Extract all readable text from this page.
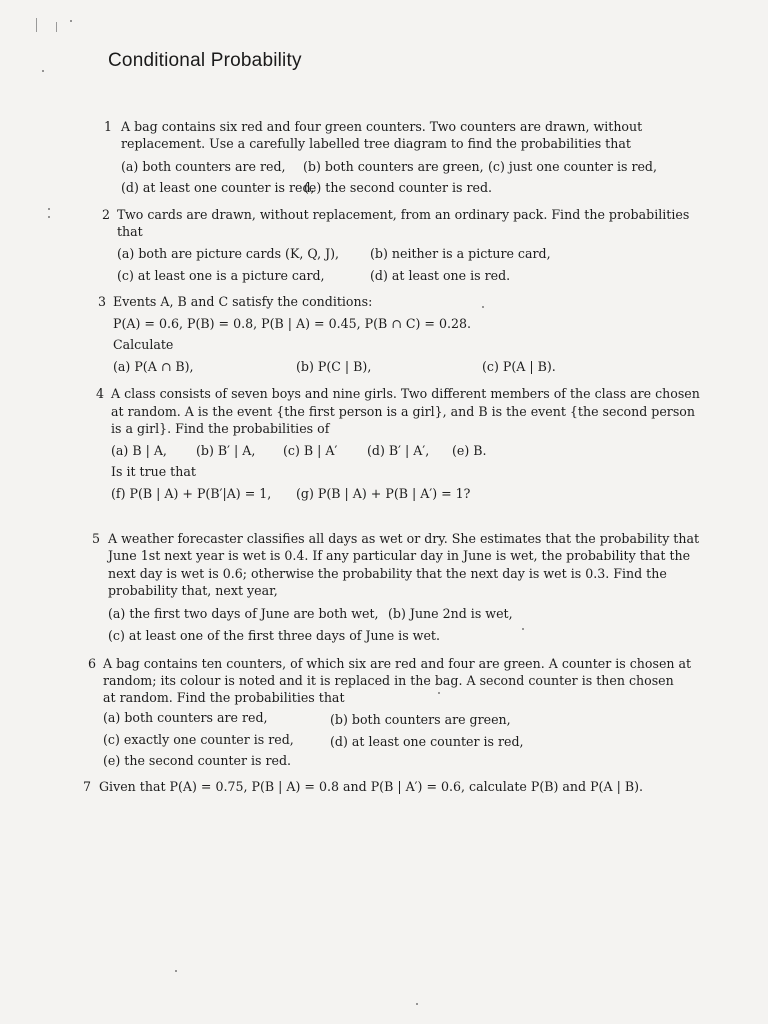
Conditional Probability
1 A bag contains six red and four green counters. Two counters are drawn, without
replacement. Use a carefully labelled tree diagram to find the probabilities that
(a) both counters are red, (b) both counters are green, (c) just one counter is red,
(d) at least one counter is red,
(e) the second counter is red.
2 Two cards are drawn, without replacement, from an ordinary pack. Find the probabilities
that
(a) both are picture cards (K, Q, J), (b) neither is a picture card,
(c) at least one is a picture card,	(d) at least one is red.
3 Events A, B and C satisfy the conditions:
P(A) = 0.6, P(B) = 0.8, P(B | A) = 0.45, P(B ∩ C) = 0.28.
Calculate
(a) P(A ∩ B),	(b) P(C | B),	(c) P(A | B).
4 A class consists of seven boys and nine girls. Two different members of the class are chosen
at random. A is the event {the first person is a girl}, and B is the event {the second person
is a girl}. Find the probabilities of
(a) B | A, (b) B′ | A, (c) B | A′ (d) B′ | A′, (e) B.
Is it true that
(f) P(B | A) + P(B′|A) = 1, (g) P(B | A) + P(B | A′) = 1?
5 A weather forecaster classifies all days as wet or dry. She estimates that the probability that
June 1st next year is wet is 0.4. If any particular day in June is wet, the probability that the
next day is wet is 0.6; otherwise the probability that the next day is wet is 0.3. Find the
probability that, next year,
(a) the first two days of June are both wet, (b) June 2nd is wet,
(c) at least one of the first three days of June is wet.
6 A bag contains ten counters, of which six are red and four are green. A counter is chosen at
random; its colour is noted and it is replaced in the bag. A second counter is then chosen
at random. Find the probabilities that
(a) both counters are red,	(b) both counters are green,
(c) exactly one counter is red,	(d) at least one counter is red,
(e) the second counter is red.
7 Given that P(A) = 0.75, P(B | A) = 0.8 and P(B | A′) = 0.6, calculate P(B) and P(A | B).
